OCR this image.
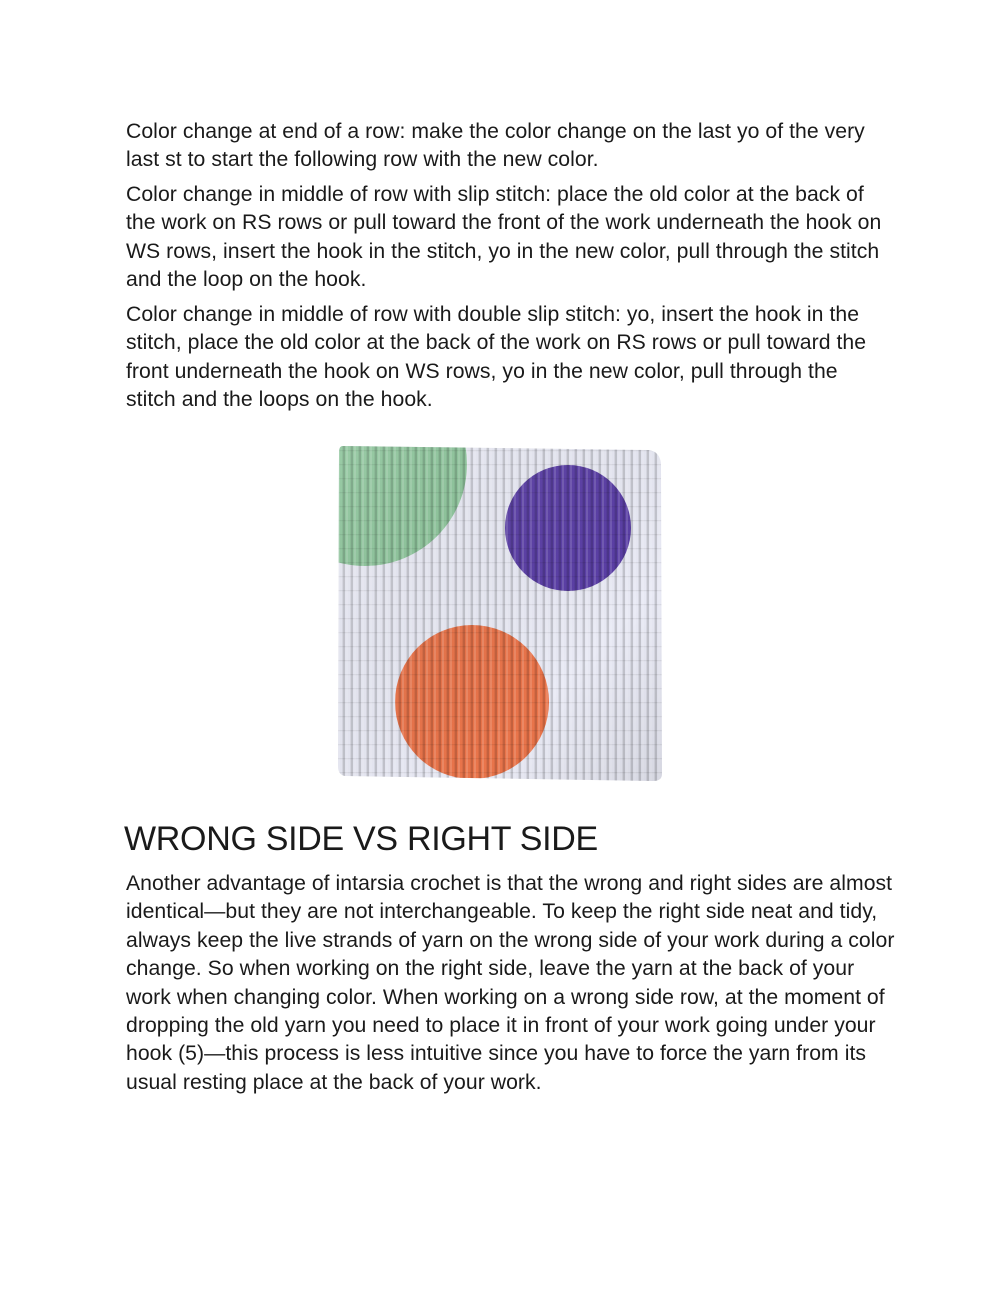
Color change at end of a row: make the color change on the last yo of the very last st to start the following row with the new color.

Color change in middle of row with slip stitch: place the old color at the back of the work on RS rows or pull toward the front of the work underneath the hook on WS rows, insert the hook in the stitch, yo in the new color, pull through the stitch and the loop on the hook.

Color change in middle of row with double slip stitch: yo, insert the hook in the stitch, place the old color at the back of the work on RS rows or pull toward the front underneath the hook on WS rows, yo in the new color, pull through the stitch and the loops on the hook.

WRONG SIDE VS RIGHT SIDE

Another advantage of intarsia crochet is that the wrong and right sides are almost identical—but they are not interchangeable. To keep the right side neat and tidy, always keep the live strands of yarn on the wrong side of your work during a color change. So when working on the right side, leave the yarn at the back of your work when changing color. When working on a wrong side row, at the moment of dropping the old yarn you need to place it in front of your work going under your hook (5)—this process is less intuitive since you have to force the yarn from its usual resting place at the back of your work.
